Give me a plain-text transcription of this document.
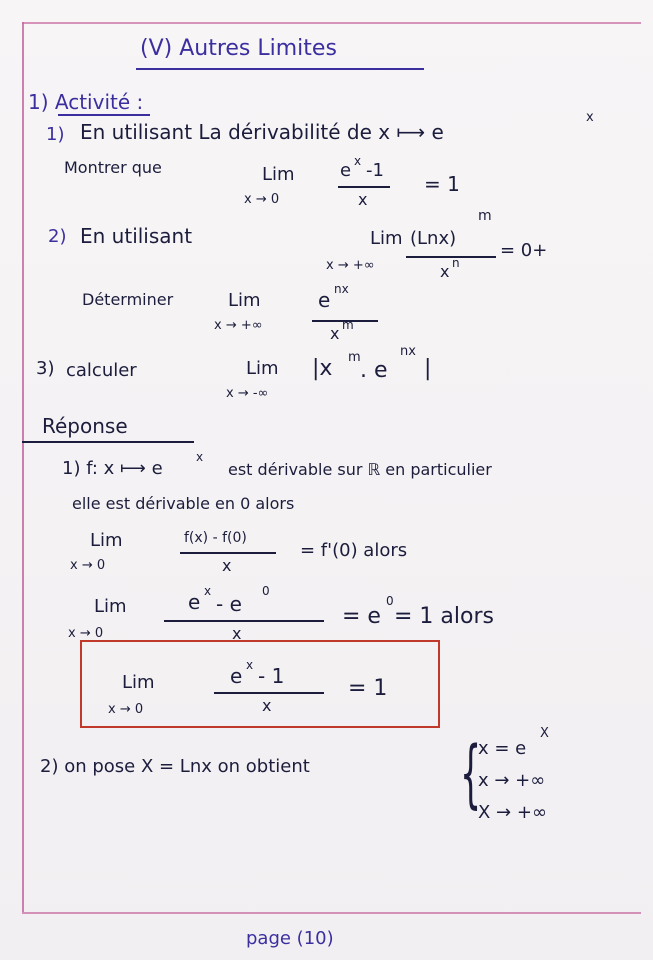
(V) Autres Limites
1) Activité :
1) En utilisant La dérivabilité de x ⟼ e
x
Montrer que	Lim
x → 0
e x -1
x
= 1
2) En utilisant	Lim
x → +∞
(Lnx)
m
x n
= 0+
Déterminer	Lim
x → +∞
e nx
x m
3) calculer	Lim
x → -∞
|x m
. e
nx
|
Réponse
1) f: x ⟼ e
x
est dérivable sur ℝ en particulier
elle est dérivable en 0 alors
Lim
x → 0
f(x) - f(0)
x
= f'(0) alors
Lim
x → 0
e x
- e
0
x
= e
0
= 1 alors
Lim
x → 0
e x - 1
x
= 1
2) on pose X = Lnx on obtient {
x = e
X
x → +∞
X → +∞
page (10)
